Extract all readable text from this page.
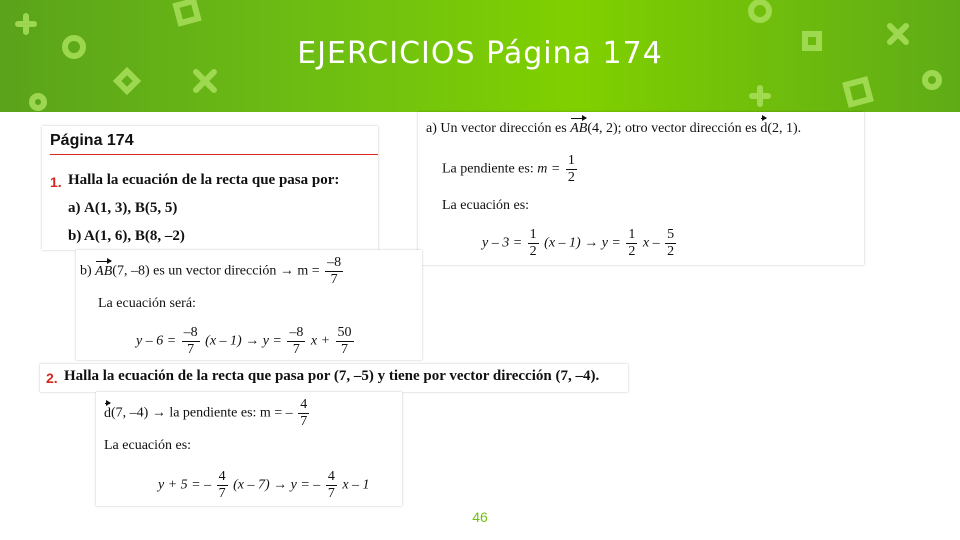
EJERCICIOS Página 174
Página 174
1. Halla la ecuación de la recta que pasa por:
a) A(1, 3), B(5, 5)
b) A(1, 6), B(8, –2)
a) Un vector dirección es AB(4, 2); otro vector dirección es d(2, 1).
La pendiente es: $m = \frac{1}{2}$
La ecuación es:
$y - 3 = \frac{1}{2} (x - 1) \to y = \frac{1}{2}$ x – $\frac{5}{2}$
b) AB(7, –8) es un vector dirección → $m = \frac{-8}{7}$
La ecuación será:
$y - 6 = \frac{-8}{7} (x - 1) \to y = \frac{-8}{7}$ $x + \frac{50}{7}$
2. Halla la ecuación de la recta que pasa por (7, –5) y tiene por vector dirección (7, –4).
d(7, –4) → la pendiente es: m = – $\frac{4}{7}$
La ecuación es:
y + 5 = – $\frac{4}{7} (x - 7) \to y$ = – $\frac{4}{7}$ x – 1
46
